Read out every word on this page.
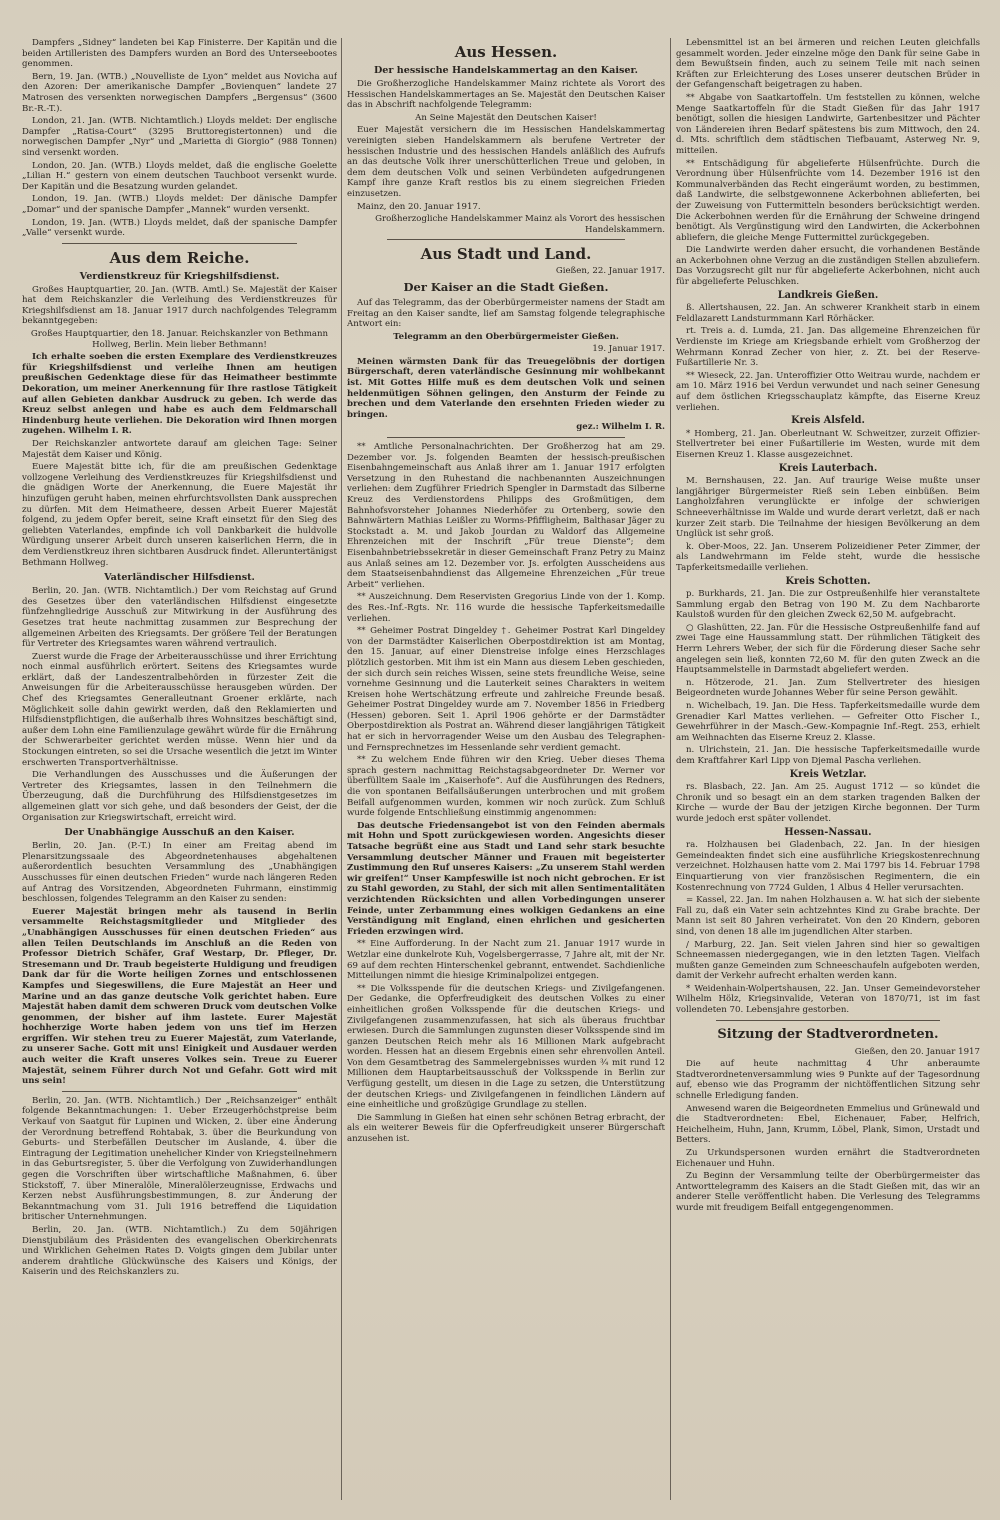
Dampfers „Sidney“ landeten bei Kap Finisterre. Der Kapitän und die beiden Artilleristen des Dampfers wurden an Bord des Unterseebootes genommen.

Bern, 19. Jan. (WTB.) „Nouvelliste de Lyon“ meldet aus Novicha auf den Azoren: Der amerikanische Dampfer „Bovienquen“ landete 27 Matrosen des versenkten norwegischen Dampfers „Bergensus“ (3600 Br.-R.-T.).

London, 21. Jan. (WTB. Nichtamtlich.) Lloyds meldet: Der englische Dampfer „Ratisa-Court“ (3295 Bruttoregistertonnen) und die norwegischen Dampfer „Nyr“ und „Marietta di Giorgio“ (988 Tonnen) sind versenkt worden.

London, 20. Jan. (WTB.) Lloyds meldet, daß die englische Goelette „Lilian H.“ gestern von einem deutschen Tauchboot versenkt wurde. Der Kapitän und die Besatzung wurden gelandet.

London, 19. Jan. (WTB.) Lloyds meldet: Der dänische Dampfer „Domar“ und der spanische Dampfer „Mannek“ wurden versenkt.

London, 19. Jan. (WTB.) Lloyds meldet, daß der spanische Dampfer „Valle“ versenkt wurde.

Aus dem Reiche.
Verdienstkreuz für Kriegshilfsdienst.

Großes Hauptquartier, 20. Jan. (WTB. Amtl.) Se. Majestät der Kaiser hat dem Reichskanzler die Verleihung des Verdienstkreuzes für Kriegshilfsdienst am 18. Januar 1917 durch nachfolgendes Telegramm bekanntgegeben:

Großes Hauptquartier, den 18. Januar. Reichskanzler von Bethmann Hollweg, Berlin. Mein lieber Bethmann!

Ich erhalte soeben die ersten Exemplare des Verdienstkreuzes für Kriegshilfsdienst und verleihe Ihnen am heutigen preußischen Gedenktage diese für das Heimatheer bestimmte Dekoration, um meiner Anerkennung für Ihre rastlose Tätigkeit auf allen Gebieten dankbar Ausdruck zu geben. Ich werde das Kreuz selbst anlegen und habe es auch dem Feldmarschall Hindenburg heute verliehen. Die Dekoration wird Ihnen morgen zugehen. Wilhelm I. R.

Der Reichskanzler antwortete darauf am gleichen Tage: Seiner Majestät dem Kaiser und König.

Euere Majestät bitte ich, für die am preußischen Gedenktage vollzogene Verleihung des Verdienstkreuzes für Kriegshilfsdienst und die gnädigen Worte der Anerkennung, die Euere Majestät ihr hinzufügen geruht haben, meinen ehrfurchtsvollsten Dank aussprechen zu dürfen. Mit dem Heimatheere, dessen Arbeit Euerer Majestät folgend, zu jedem Opfer bereit, seine Kraft einsetzt für den Sieg des geliebten Vaterlandes, empfinde ich voll Dankbarkeit die huldvolle Würdigung unserer Arbeit durch unseren kaiserlichen Herrn, die in dem Verdienstkreuz ihren sichtbaren Ausdruck findet. Alleruntertänigst Bethmann Hollweg.

Vaterländischer Hilfsdienst.

Berlin, 20. Jan. (WTB. Nichtamtlich.) Der vom Reichstag auf Grund des Gesetzes über den vaterländischen Hilfsdienst eingesetzte fünfzehngliedrige Ausschuß zur Mitwirkung in der Ausführung des Gesetzes trat heute nachmittag zusammen zur Besprechung der allgemeinen Arbeiten des Kriegsamts. Der größere Teil der Beratungen für Vertreter des Kriegsamtes waren während vertraulich.

Zuerst wurde die Frage der Arbeiterausschüsse und ihrer Errichtung noch einmal ausführlich erörtert. Seitens des Kriegsamtes wurde erklärt, daß der Landeszentralbehörden in fürzester Zeit die Anweisungen für die Arbeiterausschüsse herausgeben würden. Der Chef des Kriegsamtes Generalleutnant Groener erklärte, nach Möglichkeit solle dahin gewirkt werden, daß den Reklamierten und Hilfsdienstpflichtigen, die außerhalb ihres Wohnsitzes beschäftigt sind, außer dem Lohn eine Familienzulage gewährt würde für die Ernährung der Schwerarbeiter gerichtet werden müsse. Wenn hier und da Stockungen eintreten, so sei die Ursache wesentlich die jetzt im Winter erschwerten Transportverhältnisse.

Die Verhandlungen des Ausschusses und die Äußerungen der Vertreter des Kriegsamtes, lassen in den Teilnehmern die Überzeugung, daß die Durchführung des Hilfsdienstgesetzes im allgemeinen glatt vor sich gehe, und daß besonders der Geist, der die Organisation zur Kriegswirtschaft, erreicht wird.

Der Unabhängige Ausschuß an den Kaiser.

Berlin, 20. Jan. (P.-T.) In einer am Freitag abend im Plenarsitzungssaale des Abgeordnetenhauses abgehaltenen außerordentlich besuchten Versammlung des „Unabhängigen Ausschusses für einen deutschen Frieden“ wurde nach längeren Reden auf Antrag des Vorsitzenden, Abgeordneten Fuhrmann, einstimmig beschlossen, folgendes Telegramm an den Kaiser zu senden:

Euerer Majestät bringen mehr als tausend in Berlin versammelte Reichstagsmitglieder und Mitglieder des „Unabhängigen Ausschusses für einen deutschen Frieden“ aus allen Teilen Deutschlands im Anschluß an die Reden von Professor Dietrich Schäfer, Graf Westarp, Dr. Pfleger, Dr. Stresemann und Dr. Traub begeisterte Huldigung und freudigen Dank dar für die Worte heiligen Zornes und entschlossenen Kampfes und Siegeswillens, die Eure Majestät an Heer und Marine und an das ganze deutsche Volk gerichtet haben. Eure Majestät haben damit dem schweren Druck vom deutschen Volke genommen, der bisher auf ihm lastete. Eurer Majestät hochherzige Worte haben jedem von uns tief im Herzen ergriffen. Wir stehen treu zu Euerer Majestät, zum Vaterlande, zu unserer Sache. Gott mit uns! Einigkeit und Ausdauer werden auch weiter die Kraft unseres Volkes sein. Treue zu Euerer Majestät, seinem Führer durch Not und Gefahr. Gott wird mit uns sein!

Berlin, 20. Jan. (WTB. Nichtamtlich.) Der „Reichsanzeiger“ enthält folgende Bekanntmachungen: 1. Ueber Erzeugerhöchstpreise beim Verkauf von Saatgut für Lupinen und Wicken, 2. über eine Änderung der Verordnung betreffend Rohtabak, 3. über die Beurkundung von Geburts- und Sterbefällen Deutscher im Auslande, 4. über die Eintragung der Legitimation unehelicher Kinder von Kriegsteilnehmern in das Geburtsregister, 5. über die Verfolgung von Zuwiderhandlungen gegen die Vorschriften über wirtschaftliche Maßnahmen, 6. über Stickstoff, 7. über Mineralöle, Mineralölerzeugnisse, Erdwachs und Kerzen nebst Ausführungsbestimmungen, 8. zur Änderung der Bekanntmachung vom 31. Juli 1916 betreffend die Liquidation britischer Unternehmungen.

Berlin, 20. Jan. (WTB. Nichtamtlich.) Zu dem 50jährigen Dienstjubiläum des Präsidenten des evangelischen Oberkirchenrats und Wirklichen Geheimen Rates D. Voigts gingen dem Jubilar unter anderem drahtliche Glückwünsche des Kaisers und Königs, der Kaiserin und des Reichskanzlers zu.

Aus Hessen.
Der hessische Handelskammertag an den Kaiser.

Die Großherzogliche Handelskammer Mainz richtete als Vorort des Hessischen Handelskammertages an Se. Majestät den Deutschen Kaiser das in Abschrift nachfolgende Telegramm:

An Seine Majestät den Deutschen Kaiser!

Euer Majestät versichern die im Hessischen Handelskammertag vereinigten sieben Handelskammern als berufene Vertreter der hessischen Industrie und des hessischen Handels anläßlich des Aufrufs an das deutsche Volk ihrer unerschütterlichen Treue und geloben, in dem dem deutschen Volk und seinen Verbündeten aufgedrungenen Kampf ihre ganze Kraft restlos bis zu einem siegreichen Frieden einzusetzen.

Mainz, den 20. Januar 1917.

Großherzogliche Handelskammer Mainz als Vorort des hessischen Handelskammern.

Aus Stadt und Land.

Gießen, 22. Januar 1917.

Der Kaiser an die Stadt Gießen.

Auf das Telegramm, das der Oberbürgermeister namens der Stadt am Freitag an den Kaiser sandte, lief am Samstag folgende telegraphische Antwort ein:

Telegramm an den Oberbürgermeister Gießen.

19. Januar 1917.

Meinen wärmsten Dank für das Treuegelöbnis der dortigen Bürgerschaft, deren vaterländische Gesinnung mir wohlbekannt ist. Mit Gottes Hilfe muß es dem deutschen Volk und seinen heldenmütigen Söhnen gelingen, den Ansturm der Feinde zu brechen und dem Vaterlande den ersehnten Frieden wieder zu bringen.

gez.: Wilhelm I. R.

** Amtliche Personalnachrichten. Der Großherzog hat am 29. Dezember vor. Js. folgenden Beamten der hessisch-preußischen Eisenbahngemeinschaft aus Anlaß ihrer am 1. Januar 1917 erfolgten Versetzung in den Ruhestand die nachbenannten Auszeichnungen verliehen: dem Zugführer Friedrich Spengler in Darmstadt das Silberne Kreuz des Verdienstordens Philipps des Großmütigen, dem Bahnhofsvorsteher Johannes Niederhöfer zu Ortenberg, sowie den Bahnwärtern Mathias Leißler zu Worms-Pfiffligheim, Balthasar Jäger zu Stockstadt a. M. und Jakob Jourdan zu Waldorf das Allgemeine Ehrenzeichen mit der Inschrift „Für treue Dienste“; dem Eisenbahnbetriebssekretär in dieser Gemeinschaft Franz Petry zu Mainz aus Anlaß seines am 12. Dezember vor. Js. erfolgten Ausscheidens aus dem Staatseisenbahndienst das Allgemeine Ehrenzeichen „Für treue Arbeit“ verliehen.

** Auszeichnung. Dem Reservisten Gregorius Linde von der 1. Komp. des Res.-Inf.-Rgts. Nr. 116 wurde die hessische Tapferkeitsmedaille verliehen.

** Geheimer Postrat Dingeldey †. Geheimer Postrat Karl Dingeldey von der Darmstädter Kaiserlichen Oberpostdirektion ist am Montag, den 15. Januar, auf einer Dienstreise infolge eines Herzschlages plötzlich gestorben. Mit ihm ist ein Mann aus diesem Leben geschieden, der sich durch sein reiches Wissen, seine stets freundliche Weise, seine vornehme Gesinnung und die Lauterkeit seines Charakters in weitem Kreisen hohe Wertschätzung erfreute und zahlreiche Freunde besaß. Geheimer Postrat Dingeldey wurde am 7. November 1856 in Friedberg (Hessen) geboren. Seit 1. April 1906 gehörte er der Darmstädter Oberpostdirektion als Postrat an. Während dieser langjährigen Tätigkeit hat er sich in hervorragender Weise um den Ausbau des Telegraphen- und Fernsprechnetzes im Hessenlande sehr verdient gemacht.

** Zu welchem Ende führen wir den Krieg. Ueber dieses Thema sprach gestern nachmittag Reichstagsabgeordneter Dr. Werner vor überfülltem Saale im „Kaiserhofe“. Auf die Ausführungen des Redners, die von spontanen Beifallsäußerungen unterbrochen und mit großem Beifall aufgenommen wurden, kommen wir noch zurück. Zum Schluß wurde folgende Entschließung einstimmig angenommen:

Das deutsche Friedensangebot ist von den Feinden abermals mit Hohn und Spott zurückgewiesen worden. Angesichts dieser Tatsache begrüßt eine aus Stadt und Land sehr stark besuchte Versammlung deutscher Männer und Frauen mit begeisterter Zustimmung den Ruf unseres Kaisers: „Zu unserem Stahl werden wir greifen!“ Unser Kampfeswille ist noch nicht gebrochen. Er ist zu Stahl geworden, zu Stahl, der sich mit allen Sentimentalitäten verzichtenden Rücksichten und allen Vorbedingungen unserer Feinde, unter Zerbammung eines wolkigen Gedankens an eine Verständigung mit England, einen ehrlichen und gesicherten Frieden erzwingen wird.

** Eine Aufforderung. In der Nacht zum 21. Januar 1917 wurde in Wetzlar eine dunkelrote Kuh, Vogelsbergerrasse, 7 Jahre alt, mit der Nr. 69 auf dem rechten Hinterschenkel gebrannt, entwendet. Sachdienliche Mitteilungen nimmt die hiesige Kriminalpolizei entgegen.

** Die Volksspende für die deutschen Kriegs- und Zivilgefangenen. Der Gedanke, die Opferfreudigkeit des deutschen Volkes zu einer einheitlichen großen Volksspende für die deutschen Kriegs- und Zivilgefangenen zusammenzufassen, hat sich als überaus fruchtbar erwiesen. Durch die Sammlungen zugunsten dieser Volksspende sind im ganzen Deutschen Reich mehr als 16 Millionen Mark aufgebracht worden. Hessen hat an diesem Ergebnis einen sehr ehrenvollen Anteil. Von dem Gesamtbetrag des Sammelergebnisses wurden ¾ mit rund 12 Millionen dem Hauptarbeitsausschuß der Volksspende in Berlin zur Verfügung gestellt, um diesen in die Lage zu setzen, die Unterstützung der deutschen Kriegs- und Zivilgefangenen in feindlichen Ländern auf eine einheitliche und großzügige Grundlage zu stellen.

Die Sammlung in Gießen hat einen sehr schönen Betrag erbracht, der als ein weiterer Beweis für die Opferfreudigkeit unserer Bürgerschaft anzusehen ist.

Lebensmittel ist an bei ärmeren und reichen Leuten gleichfalls gesammelt worden. Jeder einzelne möge den Dank für seine Gabe in dem Bewußtsein finden, auch zu seinem Teile mit nach seinen Kräften zur Erleichterung des Loses unserer deutschen Brüder in der Gefangenschaft beigetragen zu haben.

** Abgabe von Saatkartoffeln. Um feststellen zu können, welche Menge Saatkartoffeln für die Stadt Gießen für das Jahr 1917 benötigt, sollen die hiesigen Landwirte, Gartenbesitzer und Pächter von Ländereien ihren Bedarf spätestens bis zum Mittwoch, den 24. d. Mts. schriftlich dem städtischen Tiefbauamt, Asterweg Nr. 9, mitteilen.

** Entschädigung für abgelieferte Hülsenfrüchte. Durch die Verordnung über Hülsenfrüchte vom 14. Dezember 1916 ist den Kommunalverbänden das Recht eingeräumt worden, zu bestimmen, daß Landwirte, die selbstgewonnene Ackerbohnen ablieferten, bei der Zuweisung von Futtermitteln besonders berücksichtigt werden. Die Ackerbohnen werden für die Ernährung der Schweine dringend benötigt. Als Vergünstigung wird den Landwirten, die Ackerbohnen abliefern, die gleiche Menge Futtermittel zurückgegeben.

Die Landwirte werden daher ersucht, die vorhandenen Bestände an Ackerbohnen ohne Verzug an die zuständigen Stellen abzuliefern. Das Vorzugsrecht gilt nur für abgelieferte Ackerbohnen, nicht auch für abgelieferte Peluschken.

Landkreis Gießen.

ß. Allertshausen, 22. Jan. An schwerer Krankheit starb in einem Feldlazarett Landsturmmann Karl Rörhäcker.

rt. Treis a. d. Lumda, 21. Jan. Das allgemeine Ehrenzeichen für Verdienste im Kriege am Kriegsbande erhielt vom Großherzog der Wehrmann Konrad Zecher von hier, z. Zt. bei der Reserve-Fußartillerie Nr. 3.

** Wieseck, 22. Jan. Unteroffizier Otto Weitrau wurde, nachdem er am 10. März 1916 bei Verdun verwundet und nach seiner Genesung auf dem östlichen Kriegsschauplatz kämpfte, das Eiserne Kreuz verliehen.

Kreis Alsfeld.

* Homberg, 21. Jan. Oberleutnant W. Schweitzer, zurzeit Offizier-Stellvertreter bei einer Fußartillerie im Westen, wurde mit dem Eisernen Kreuz 1. Klasse ausgezeichnet.

Kreis Lauterbach.

M. Bernshausen, 22. Jan. Auf traurige Weise mußte unser langjähriger Bürgermeister Rieß sein Leben einbüßen. Beim Langholzfahren verunglückte er infolge der schwierigen Schneeverhältnisse im Walde und wurde derart verletzt, daß er nach kurzer Zeit starb. Die Teilnahme der hiesigen Bevölkerung an dem Unglück ist sehr groß.

k. Ober-Moos, 22. Jan. Unserem Polizeidiener Peter Zimmer, der als Landwehrmann im Felde steht, wurde die hessische Tapferkeitsmedaille verliehen.

Kreis Schotten.

p. Burkhards, 21. Jan. Die zur Ostpreußenhilfe hier veranstaltete Sammlung ergab den Betrag von 190 M. Zu dem Nachbarorte Kaulstoß wurden für den gleichen Zweck 62,50 M. aufgebracht.

○ Glashütten, 22. Jan. Für die Hessische Ostpreußenhilfe fand auf zwei Tage eine Haussammlung statt. Der rühmlichen Tätigkeit des Herrn Lehrers Weber, der sich für die Förderung dieser Sache sehr angelegen sein ließ, konnten 72,60 M. für den guten Zweck an die Hauptsammelstelle in Darmstadt abgeliefert werden.

n. Hötzerode, 21. Jan. Zum Stellvertreter des hiesigen Beigeordneten wurde Johannes Weber für seine Person gewählt.

n. Wichelbach, 19. Jan. Die Hess. Tapferkeitsmedaille wurde dem Grenadier Karl Mattes verliehen. — Gefreiter Otto Fischer I., Gewehrführer in der Masch.-Gew.-Kompagnie Inf.-Regt. 253, erhielt am Weihnachten das Eiserne Kreuz 2. Klasse.

n. Ulrichstein, 21. Jan. Die hessische Tapferkeitsmedaille wurde dem Kraftfahrer Karl Lipp von Djemal Pascha verliehen.

Kreis Wetzlar.

rs. Blasbach, 22. Jan. Am 25. August 1712 — so kündet die Chronik und so besagt ein an dem starken tragenden Balken der Kirche — wurde der Bau der jetzigen Kirche begonnen. Der Turm wurde jedoch erst später vollendet.

Hessen-Nassau.

ra. Holzhausen bei Gladenbach, 22. Jan. In der hiesigen Gemeindeakten findet sich eine ausführliche Kriegskostenrechnung verzeichnet. Holzhausen hatte vom 2. Mai 1797 bis 14. Februar 1798 Einquartierung von vier französischen Regimentern, die ein Kostenrechnung von 7724 Gulden, 1 Albus 4 Heller verursachten.

= Kassel, 22. Jan. Im nahen Holzhausen a. W. hat sich der siebente Fall zu, daß ein Vater sein achtzehntes Kind zu Grabe brachte. Der Mann ist seit 80 Jahren verheiratet. Von den 20 Kindern, geboren sind, von denen 18 alle im jugendlichen Alter starben.

/ Marburg, 22. Jan. Seit vielen Jahren sind hier so gewaltigen Schneemassen niedergegangen, wie in den letzten Tagen. Vielfach mußten ganze Gemeinden zum Schneeschaufeln aufgeboten werden, damit der Verkehr aufrecht erhalten werden kann.

* Weidenhain-Wolpertshausen, 22. Jan. Unser Gemeindevorsteher Wilhelm Hölz, Kriegsinvalide, Veteran von 1870/71, ist im fast vollendeten 70. Lebensjahre gestorben.

Sitzung der Stadtverordneten.

Gießen, den 20. Januar 1917

Die auf heute nachmittag 4 Uhr anberaumte Stadtverordnetenversammlung wies 9 Punkte auf der Tagesordnung auf, ebenso wie das Programm der nichtöffentlichen Sitzung sehr schnelle Erledigung fanden.

Anwesend waren die Beigeordneten Emmelius und Grünewald und die Stadtverordneten: Ebel, Eichenauer, Faber, Helfrich, Heichelheim, Huhn, Jann, Krumm, Löbel, Plank, Simon, Urstadt und Betters.

Zu Urkundspersonen wurden ernährt die Stadtverordneten Eichenauer und Huhn.

Zu Beginn der Versammlung teilte der Oberbürgermeister das Antworttelegramm des Kaisers an die Stadt Gießen mit, das wir an anderer Stelle veröffentlicht haben. Die Verlesung des Telegramms wurde mit freudigem Beifall entgegengenommen.
